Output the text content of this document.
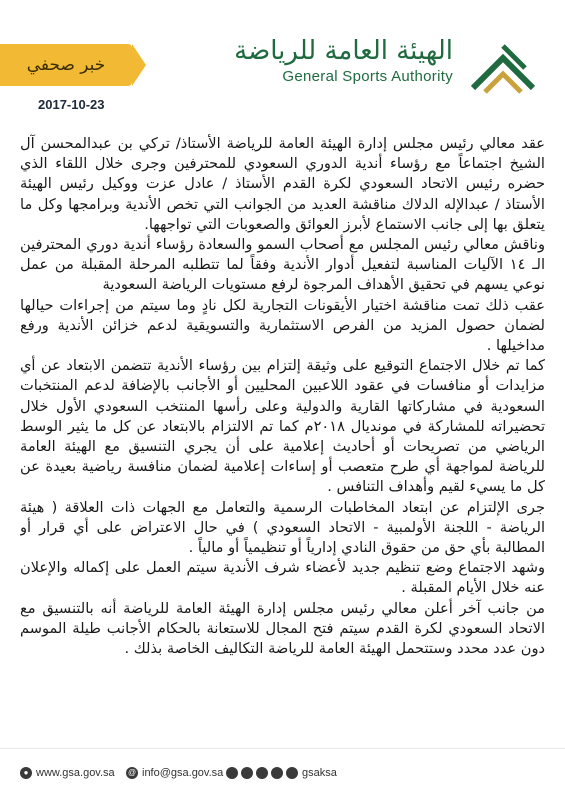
خبر صحفي	الهيئة العامة للرياضة
General Sports Authority
2017-10-23

عقد معالي رئيس مجلس إدارة الهيئة العامة للرياضة الأستاذ/ تركي بن عبدالمحسن آل الشيخ اجتماعاً مع رؤساء أندية الدوري السعودي للمحترفين وجرى خلال اللقاء الذي حضره رئيس الاتحاد السعودي لكرة القدم الأستاذ / عادل عزت ووكيل رئيس الهيئة الأستاذ / عبدالإله الدلاك مناقشة العديد من الجوانب التي تخص الأندية وبرامجها وكل ما يتعلق بها إلى جانب الاستماع لأبرز العوائق والصعوبات التي تواجهها.

وناقش معالي رئيس المجلس مع أصحاب السمو والسعادة رؤساء أندية دوري المحترفين الـ ١٤ الآليات المناسبة لتفعيل أدوار الأندية وفقاً لما تتطلبه المرحلة المقبلة من عمل نوعي يسهم في تحقيق الأهداف المرجوة لرفع مستويات الرياضة السعودية

عقب ذلك تمت مناقشة اختيار الأيقونات التجارية لكل نادٍ وما سيتم من إجراءات حيالها لضمان حصول المزيد من الفرص الاستثمارية والتسويقية لدعم خزائن الأندية ورفع مداخيلها .

كما تم خلال الاجتماع التوقيع على وثيقة إلتزام بين رؤساء الأندية تتضمن الابتعاد عن أي مزايدات أو منافسات في عقود اللاعبين المحليين أو الأجانب بالإضافة لدعم المنتخبات السعودية في مشاركاتها القارية والدولية وعلى رأسها المنتخب السعودي الأول خلال تحضيراته للمشاركة في مونديال ٢٠١٨م كما تم الالتزام بالابتعاد عن كل ما يثير الوسط الرياضي من تصريحات أو أحاديث إعلامية على أن يجري التنسيق مع الهيئة العامة للرياضة لمواجهة أي طرح متعصب أو إساءات إعلامية لضمان منافسة رياضية بعيدة عن كل ما يسيء لقيم وأهداف التنافس .

جرى الإلتزام عن ابتعاد المخاطبات الرسمية والتعامل مع الجهات ذات العلاقة ( هيئة الرياضة - اللجنة الأولمبية - الاتحاد السعودي ) في حال الاعتراض على أي قرار أو المطالبة بأي حق من حقوق النادي إدارياً أو تنظيمياً أو مالياً .

وشهد الاجتماع وضع تنظيم جديد لأعضاء شرف الأندية سيتم العمل على إكماله والإعلان عنه خلال الأيام المقبلة .

من جانب آخر أعلن معالي رئيس مجلس إدارة الهيئة العامة للرياضة أنه بالتنسيق مع الاتحاد السعودي لكرة القدم سيتم فتح المجال للاستعانة بالحكام الأجانب طيلة الموسم دون عدد محدد وستتحمل الهيئة العامة للرياضة التكاليف الخاصة بذلك .

● www.gsa.gov.sa @ info@gsa.gov.sa	gsaksa
